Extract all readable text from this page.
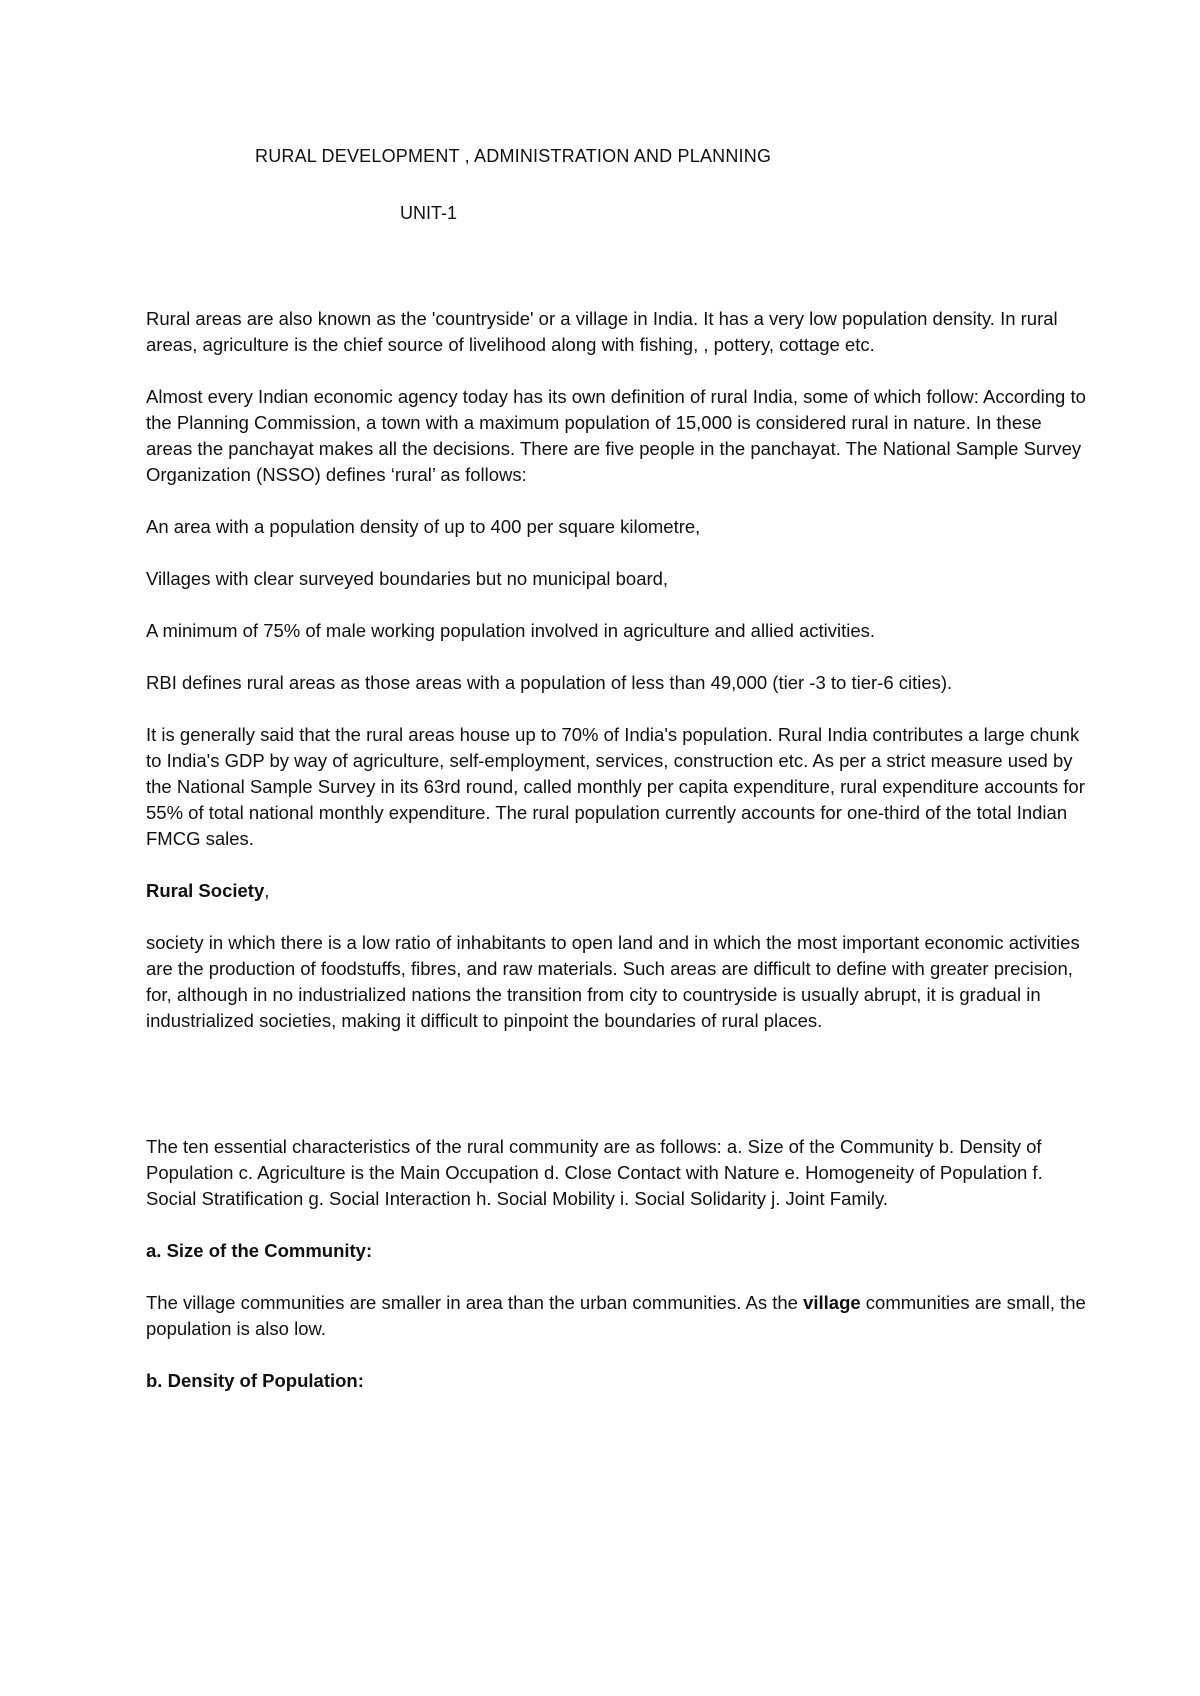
RURAL DEVELOPMENT , ADMINISTRATION AND PLANNING
UNIT-1

Rural areas are also known as the 'countryside' or a village in India. It has a very low population density. In rural areas, agriculture is the chief source of livelihood along with fishing, , pottery, cottage etc.

Almost every Indian economic agency today has its own definition of rural India, some of which follow: According to the Planning Commission, a town with a maximum population of 15,000 is considered rural in nature. In these areas the panchayat makes all the decisions. There are five people in the panchayat. The National Sample Survey Organization (NSSO) defines ‘rural’ as follows:

An area with a population density of up to 400 per square kilometre,

Villages with clear surveyed boundaries but no municipal board,

A minimum of 75% of male working population involved in agriculture and allied activities.

RBI defines rural areas as those areas with a population of less than 49,000 (tier -3 to tier-6 cities).

It is generally said that the rural areas house up to 70% of India's population. Rural India contributes a large chunk to India's GDP by way of agriculture, self-employment, services, construction etc. As per a strict measure used by the National Sample Survey in its 63rd round, called monthly per capita expenditure, rural expenditure accounts for 55% of total national monthly expenditure. The rural population currently accounts for one-third of the total Indian FMCG sales.

Rural Society,

society in which there is a low ratio of inhabitants to open land and in which the most important economic activities are the production of foodstuffs, fibres, and raw materials. Such areas are difficult to define with greater precision, for, although in no industrialized nations the transition from city to countryside is usually abrupt, it is gradual in industrialized societies, making it difficult to pinpoint the boundaries of rural places.

The ten essential characteristics of the rural community are as follows: a. Size of the Community b. Density of Population c. Agriculture is the Main Occupation d. Close Contact with Nature e. Homogeneity of Population f. Social Stratification g. Social Interaction h. Social Mobility i. Social Solidarity j. Joint Family.

a. Size of the Community:

The village communities are smaller in area than the urban communities. As the village communities are small, the population is also low.

b. Density of Population:
